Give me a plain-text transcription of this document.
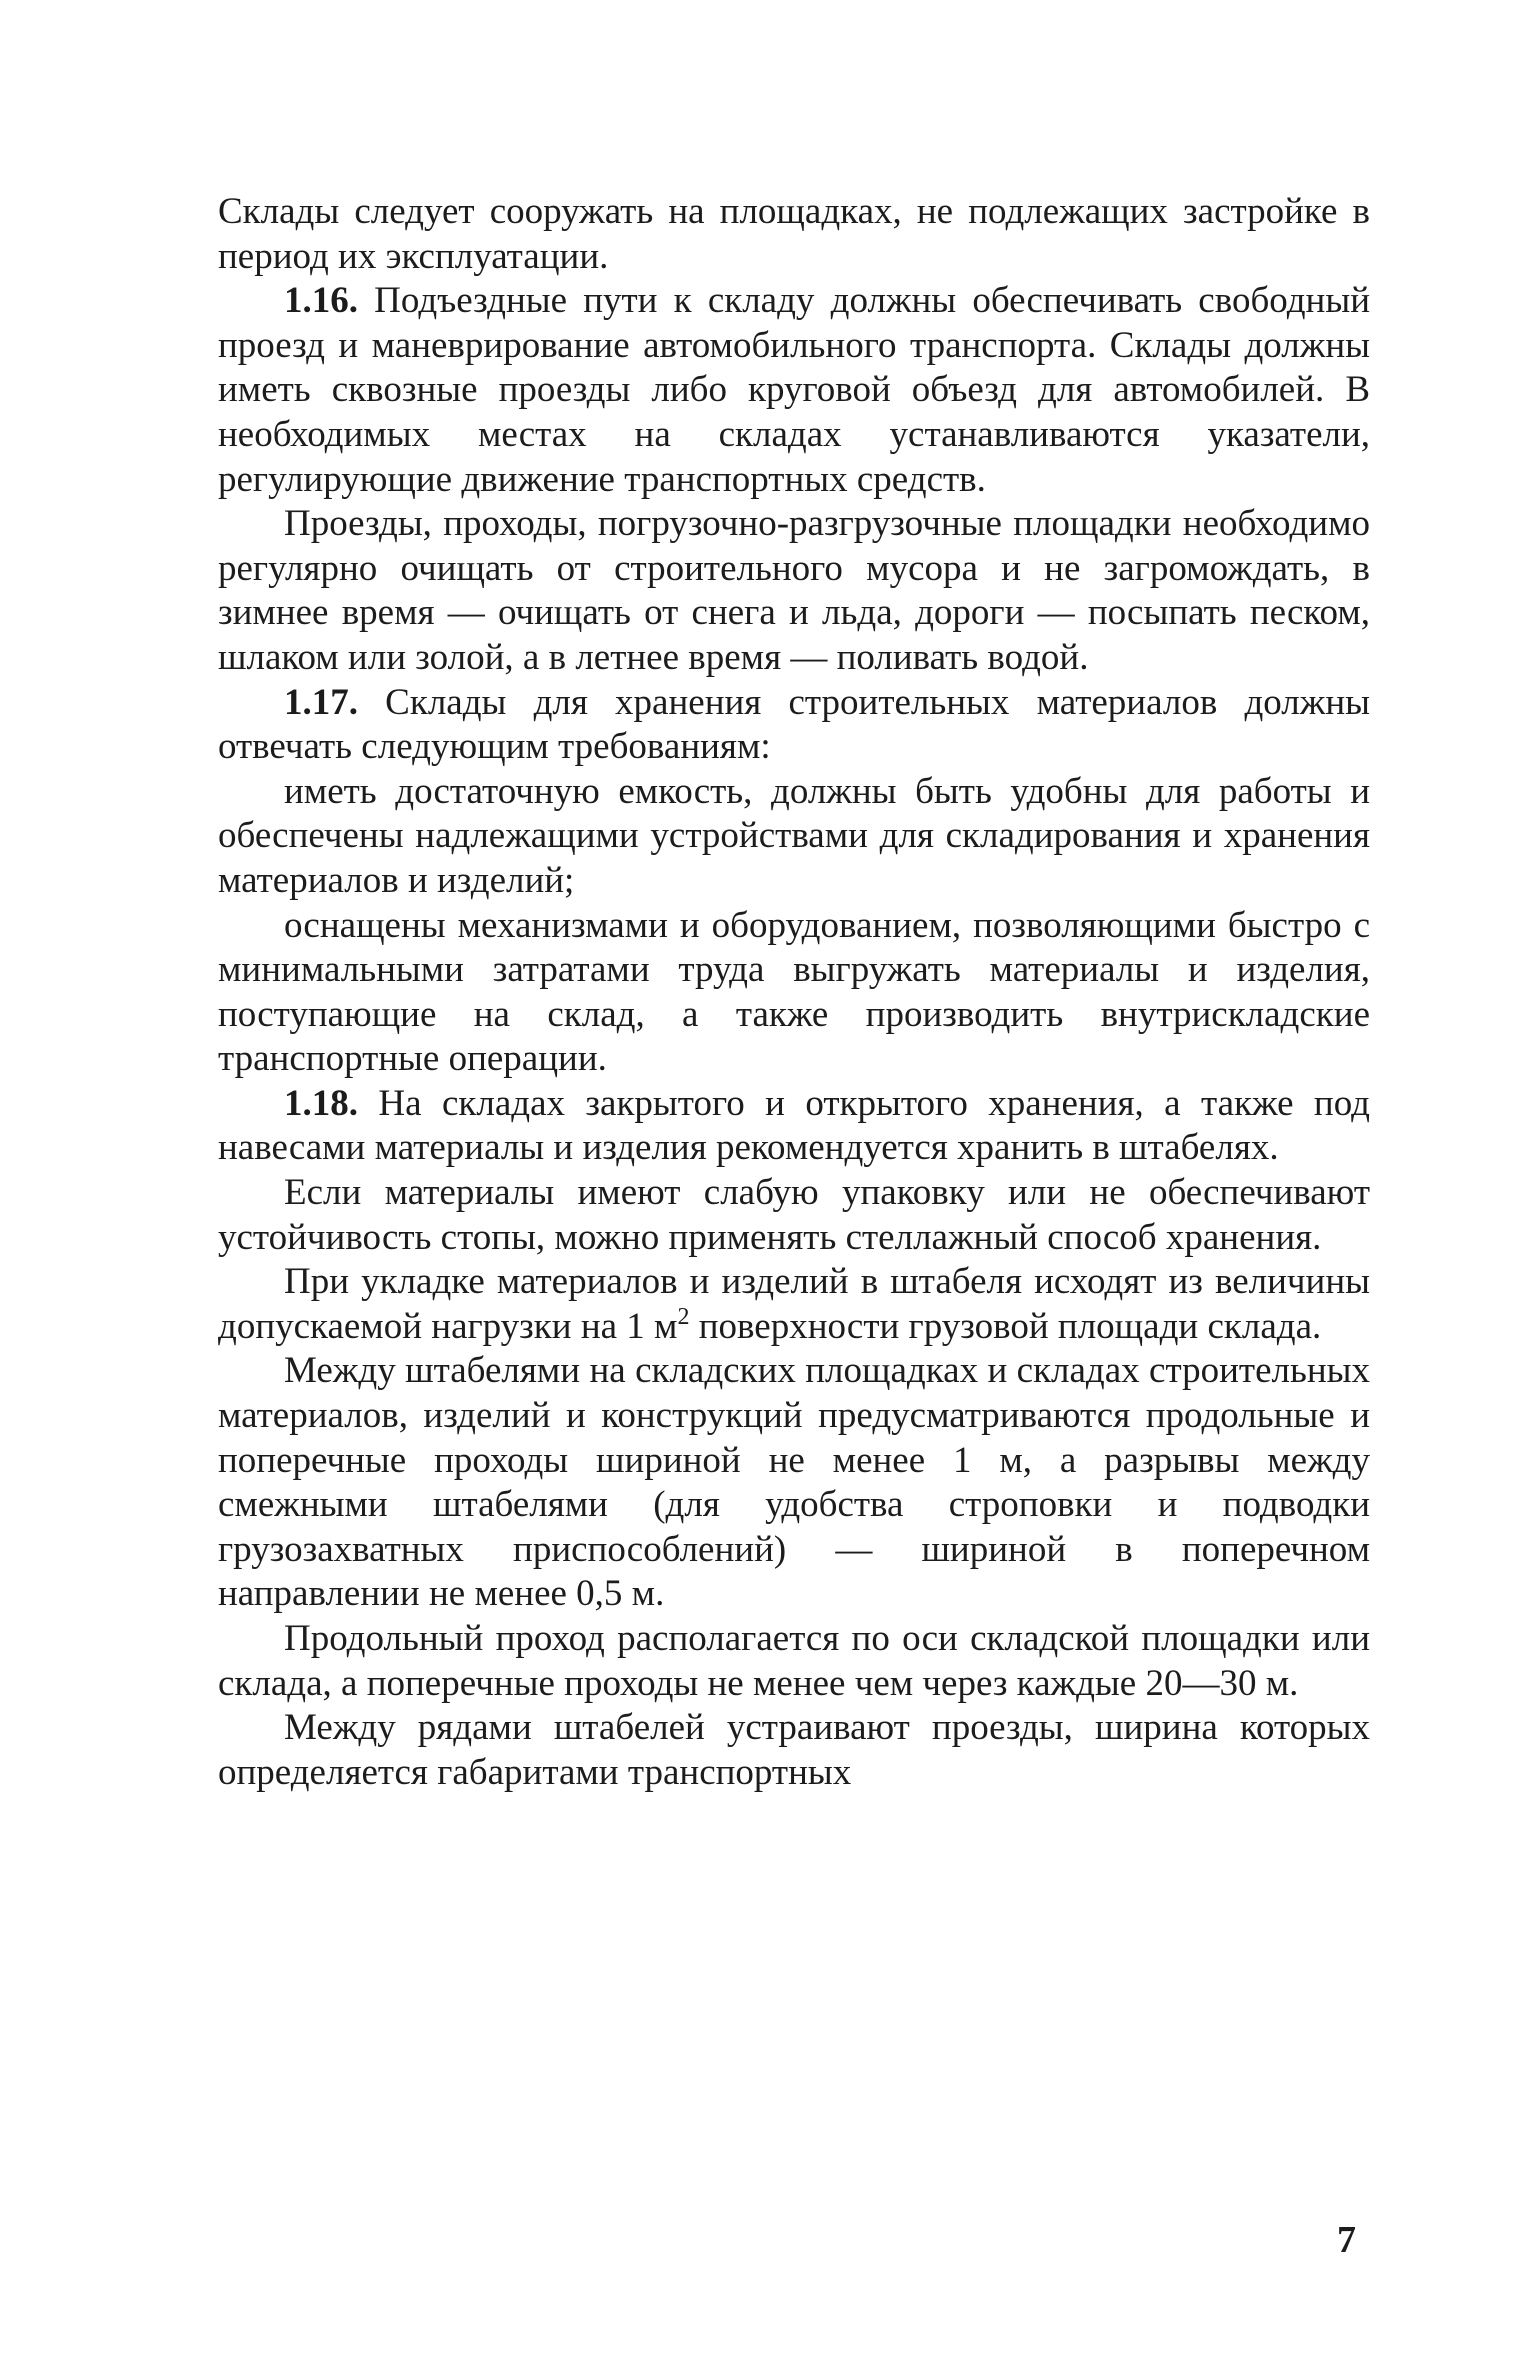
Склады следует сооружать на площадках, не подлежащих застройке в период их эксплуатации.

1.16. Подъездные пути к складу должны обеспечивать свободный проезд и маневрирование автомобильного транспорта. Склады должны иметь сквозные проезды либо круговой объезд для автомобилей. В необходимых местах на складах устанавливаются указатели, регулирующие движение транспортных средств.

Проезды, проходы, погрузочно-разгрузочные площадки необходимо регулярно очищать от строительного мусора и не загромождать, в зимнее время — очищать от снега и льда, дороги — посыпать песком, шлаком или золой, а в летнее время — поливать водой.

1.17. Склады для хранения строительных материалов должны отвечать следующим требованиям:

иметь достаточную емкость, должны быть удобны для работы и обеспечены надлежащими устройствами для складирования и хранения материалов и изделий;

оснащены механизмами и оборудованием, позволяющими быстро с минимальными затратами труда выгружать материалы и изделия, поступающие на склад, а также производить внутрискладские транспортные операции.

1.18. На складах закрытого и открытого хранения, а также под навесами материалы и изделия рекомендуется хранить в штабелях.

Если материалы имеют слабую упаковку или не обеспечивают устойчивость стопы, можно применять стеллажный способ хранения.

При укладке материалов и изделий в штабеля исходят из величины допускаемой нагрузки на 1 $м^2$ поверхности грузовой площади склада.

Между штабелями на складских площадках и складах строительных материалов, изделий и конструкций предусматриваются продольные и поперечные проходы шириной не менее 1 м, а разрывы между смежными штабелями (для удобства строповки и подводки грузозахватных приспособлений) — шириной в поперечном направлении не менее 0,5 м.

Продольный проход располагается по оси складской площадки или склада, а поперечные проходы не менее чем через каждые 20—30 м.

Между рядами штабелей устраивают проезды, ширина которых определяется габаритами транспортных

7
